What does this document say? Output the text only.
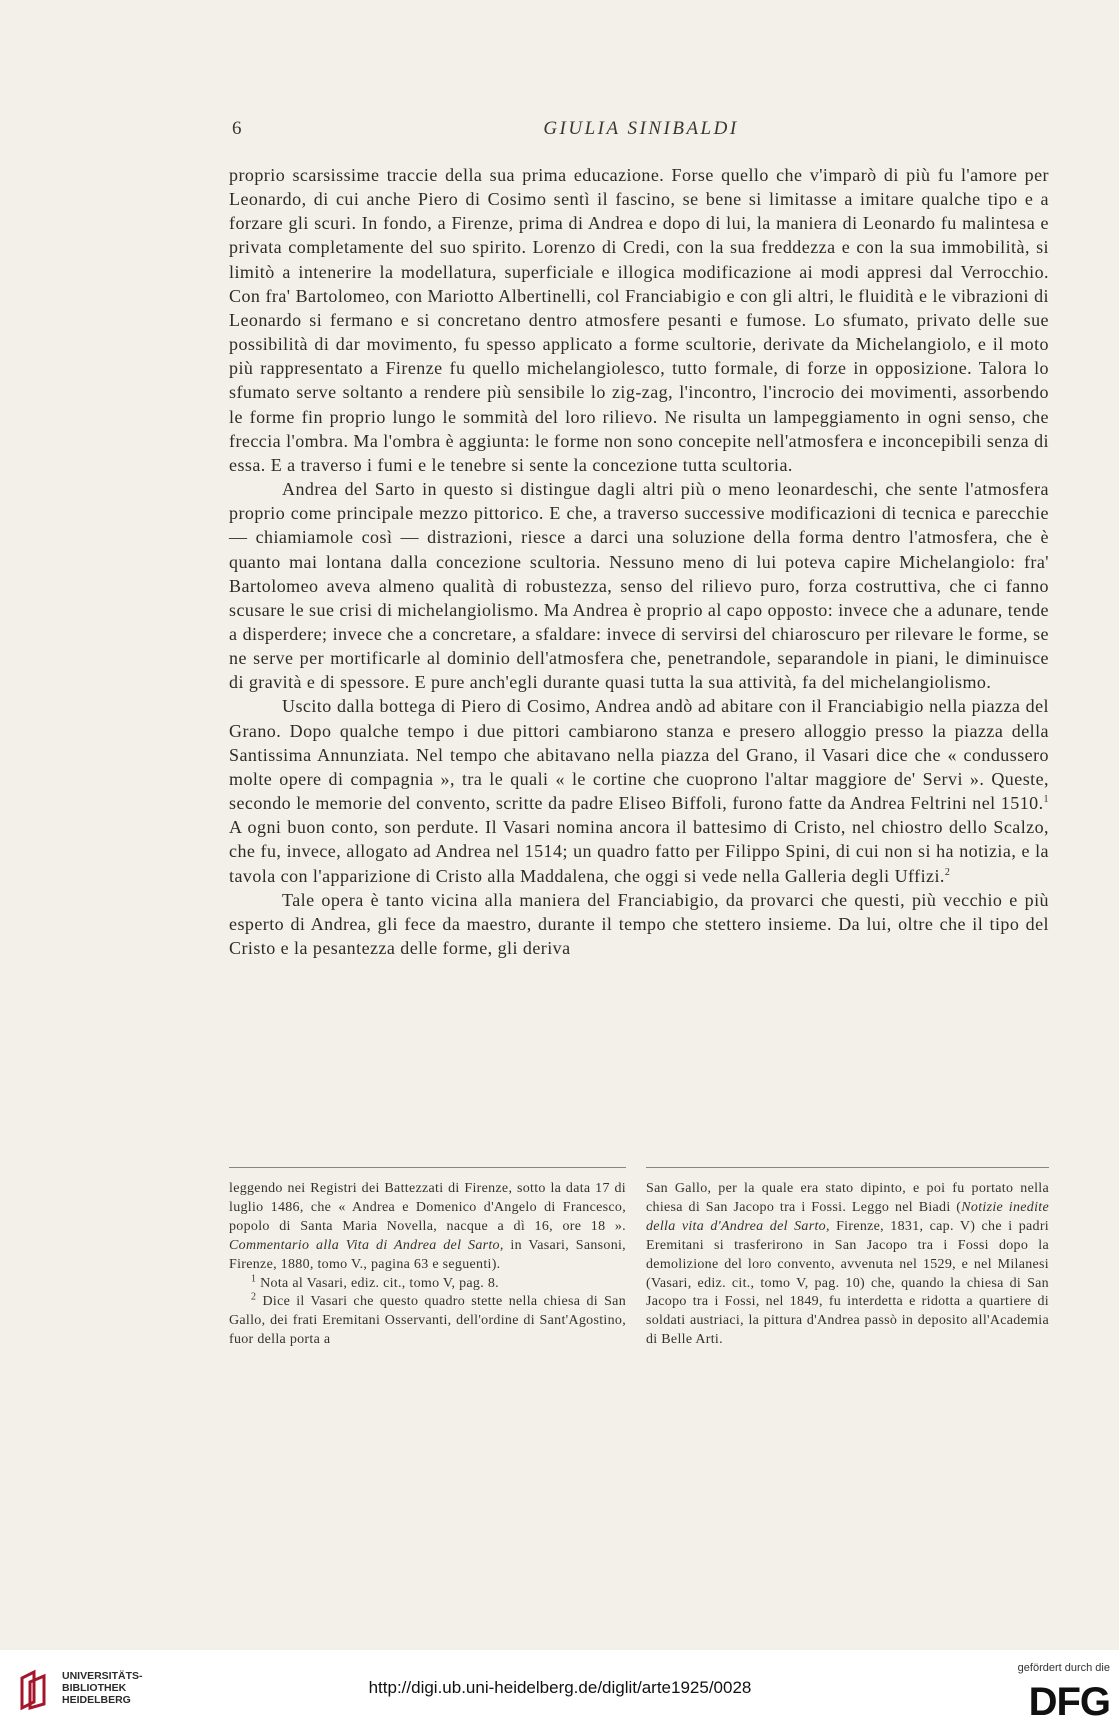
6	GIULIA SINIBALDI

proprio scarsissime traccie della sua prima educazione. Forse quello che v'imparò di più fu l'amore per Leonardo, di cui anche Piero di Cosimo sentì il fascino, se bene si limitasse a imitare qualche tipo e a forzare gli scuri. In fondo, a Firenze, prima di Andrea e dopo di lui, la maniera di Leonardo fu malintesa e privata completamente del suo spirito. Lorenzo di Credi, con la sua freddezza e con la sua immobilità, si limitò a intenerire la modellatura, superficiale e illogica modificazione ai modi appresi dal Verrocchio. Con fra' Bartolomeo, con Mariotto Albertinelli, col Franciabigio e con gli altri, le fluidità e le vibrazioni di Leonardo si fermano e si concretano dentro atmosfere pesanti e fumose. Lo sfumato, privato delle sue possibilità di dar movimento, fu spesso applicato a forme scultorie, derivate da Michelangiolo, e il moto più rappresentato a Firenze fu quello michelangiolesco, tutto formale, di forze in opposizione. Talora lo sfumato serve soltanto a rendere più sensibile lo zig-zag, l'incontro, l'incrocio dei movimenti, assorbendo le forme fin proprio lungo le sommità del loro rilievo. Ne risulta un lampeggiamento in ogni senso, che freccia l'ombra. Ma l'ombra è aggiunta: le forme non sono concepite nell'atmosfera e inconcepibili senza di essa. E a traverso i fumi e le tenebre si sente la concezione tutta scultoria.

Andrea del Sarto in questo si distingue dagli altri più o meno leonardeschi, che sente l'atmosfera proprio come principale mezzo pittorico. E che, a traverso successive modificazioni di tecnica e parecchie — chiamiamole così — distrazioni, riesce a darci una soluzione della forma dentro l'atmosfera, che è quanto mai lontana dalla concezione scultoria. Nessuno meno di lui poteva capire Michelangiolo: fra' Bartolomeo aveva almeno qualità di robustezza, senso del rilievo puro, forza costruttiva, che ci fanno scusare le sue crisi di michelangiolismo. Ma Andrea è proprio al capo opposto: invece che a adunare, tende a disperdere; invece che a concretare, a sfaldare: invece di servirsi del chiaroscuro per rilevare le forme, se ne serve per mortificarle al dominio dell'atmosfera che, penetrandole, separandole in piani, le diminuisce di gravità e di spessore. E pure anch'egli durante quasi tutta la sua attività, fa del michelangiolismo.

Uscito dalla bottega di Piero di Cosimo, Andrea andò ad abitare con il Franciabigio nella piazza del Grano. Dopo qualche tempo i due pittori cambiarono stanza e presero alloggio presso la piazza della Santissima Annunziata. Nel tempo che abitavano nella piazza del Grano, il Vasari dice che « condussero molte opere di compagnia », tra le quali « le cortine che cuoprono l'altar maggiore de' Servi ». Queste, secondo le memorie del convento, scritte da padre Eliseo Biffoli, furono fatte da Andrea Feltrini nel 1510.$^1$ A ogni buon conto, son perdute. Il Vasari nomina ancora il battesimo di Cristo, nel chiostro dello Scalzo, che fu, invece, allogato ad Andrea nel 1514; un quadro fatto per Filippo Spini, di cui non si ha notizia, e la tavola con l'apparizione di Cristo alla Maddalena, che oggi si vede nella Galleria degli Uffizi.$^2$

Tale opera è tanto vicina alla maniera del Franciabigio, da provarci che questi, più vecchio e più esperto di Andrea, gli fece da maestro, durante il tempo che stettero insieme. Da lui, oltre che il tipo del Cristo e la pesantezza delle forme, gli deriva

leggendo nei Registri dei Battezzati di Firenze, sotto la data 17 di luglio 1486, che « Andrea e Domenico d'Angelo di Francesco, popolo di Santa Maria Novella, nacque a dì 16, ore 18 ». Commentario alla Vita di Andrea del Sarto, in Vasari, Sansoni, Firenze, 1880, tomo V., pagina 63 e seguenti).

$^1$ Nota al Vasari, ediz. cit., tomo V, pag. 8.

$^2$ Dice il Vasari che questo quadro stette nella chiesa di San Gallo, dei frati Eremitani Osservanti, dell'ordine di Sant'Agostino, fuor della porta a

San Gallo, per la quale era stato dipinto, e poi fu portato nella chiesa di San Jacopo tra i Fossi. Leggo nel Biadi (Notizie inedite della vita d'Andrea del Sarto, Firenze, 1831, cap. V) che i padri Eremitani si trasferirono in San Jacopo tra i Fossi dopo la demolizione del loro convento, avvenuta nel 1529, e nel Milanesi (Vasari, ediz. cit., tomo V, pag. 10) che, quando la chiesa di San Jacopo tra i Fossi, nel 1849, fu interdetta e ridotta a quartiere di soldati austriaci, la pittura d'Andrea passò in deposito all'Academia di Belle Arti.

UNIVERSITÄTS-
BIBLIOTHEK
HEIDELBERG
http://digi.ub.uni-heidelberg.de/diglit/arte1925/0028
gefördert durch die
DFG
